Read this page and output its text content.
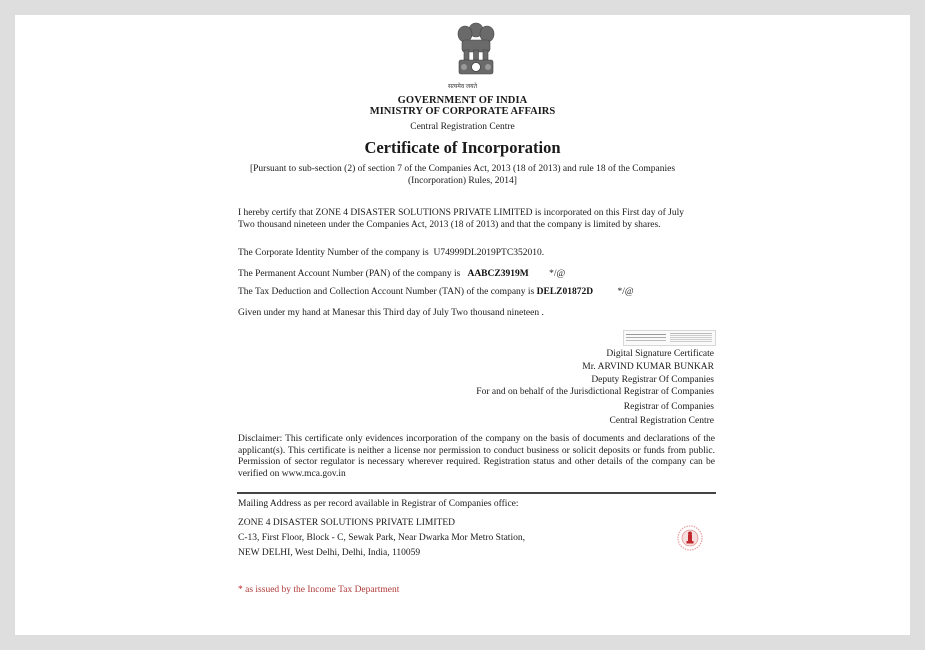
सत्यमेव जयते
GOVERNMENT OF INDIA
MINISTRY OF CORPORATE AFFAIRS
Central Registration Centre
Certificate of Incorporation
[Pursuant to sub-section (2) of section 7 of the Companies Act, 2013 (18 of 2013) and rule 18 of the Companies
(Incorporation) Rules, 2014]
I hereby certify that ZONE 4 DISASTER SOLUTIONS PRIVATE LIMITED is incorporated on this First day of July
Two thousand nineteen under the Companies Act, 2013 (18 of 2013) and that the company is limited by shares.
The Corporate Identity Number of the company is U74999DL2019PTC352010.
The Permanent Account Number (PAN) of the company is AABCZ3919M */@
The Tax Deduction and Collection Account Number (TAN) of the company is DELZ01872D	*/@
Given under my hand at Manesar this Third day of July Two thousand nineteen .
Digital Signature Certificate
Mr. ARVIND KUMAR BUNKAR
Deputy Registrar Of Companies
For and on behalf of the Jurisdictional Registrar of Companies
Registrar of Companies
Central Registration Centre
Disclaimer: This certificate only evidences incorporation of the company on the basis of documents and declarations of the applicant(s). This certificate is neither a license nor permission to conduct business or solicit deposits or funds from public. Permission of sector regulator is necessary wherever required. Registration status and other details of the company can be verified on www.mca.gov.in
Mailing Address as per record available in Registrar of Companies office:
ZONE 4 DISASTER SOLUTIONS PRIVATE LIMITED
C-13, First Floor, Block - C, Sewak Park, Near Dwarka Mor Metro Station,
NEW DELHI, West Delhi, Delhi, India, 110059
* as issued by the Income Tax Department
